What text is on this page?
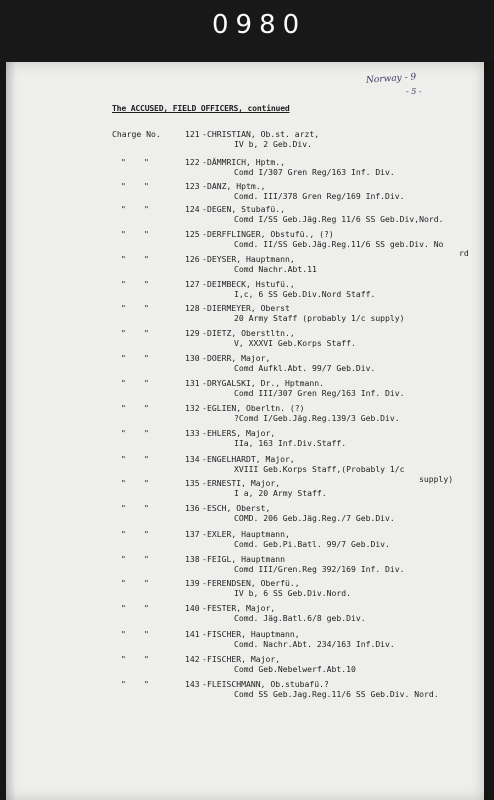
0980
Norway - 9
- 5 -
The ACCUSED, FIELD OFFICERS, continued
Charge No.	121 - CHRISTIAN, Ob.st. arzt,
IV b, 2 Geb.Div.
" "	122 - DÄMMRICH, Hptm.,
Comd I/307 Gren Reg/163 Inf. Div.
" "	123 - DANZ, Hptm.,
Comd. III/378 Gren Reg/169 Inf.Div.
" "	124 - DEGEN, Stubafü.,
Comd I/SS Geb.Jäg.Reg 11/6 SS Geb.Div,Nord.
" "	125 - DERFFLINGER, Obstufü., (?)
Comd. II/SS Geb.Jäg.Reg.11/6 SS geb.Div. No
rd
" "	126 - DEYSER, Hauptmann,
Comd Nachr.Abt.11
" "	127 - DEIMBECK, Hstufü.,
I,c, 6 SS Geb.Div.Nord Staff.
" "	128 - DIERMEYER, Oberst
20 Army Staff (probably 1/c supply)
" "	129 - DIETZ, Oberstltn.,
V, XXXVI Geb.Korps Staff.
" "	130 - DOERR, Major,
Comd Aufkl.Abt. 99/7 Geb.Div.
" "	131 - DRYGALSKI, Dr., Hptmann.
Comd III/307 Gren Reg/163 Inf. Div.
" "	132 - EGLIEN, Oberltn. (?)
?Comd I/Geb.Jäg.Reg.139/3 Geb.Div.
" "	133 - EHLERS, Major,
IIa, 163 Inf.Div.Staff.
" "	134 - ENGELHARDT, Major,
XVIII Geb.Korps Staff,(Probably 1/c
supply)
" "	135 - ERNESTI, Major,
I a, 20 Army Staff.
" "	136 - ESCH, Oberst,
COMD. 206 Geb.Jäg.Reg./7 Geb.Div.
" "	137 - EXLER, Hauptmann,
Comd. Geb.Pi.Batl. 99/7 Geb.Div.
" "	138 - FEIGL, Hauptmann
Comd III/Gren.Reg 392/169 Inf. Div.
" "	139 - FERENDSEN, Oberfü.,
IV b, 6 SS Geb.Div.Nord.
" "	140 - FESTER, Major,
Comd. Jäg.Batl.6/8 geb.Div.
" "	141 - FISCHER, Hauptmann,
Comd. Nachr.Abt. 234/163 Inf.Div.
" "	142 - FISCHER, Major,
Comd Geb.Nebelwerf.Abt.10
" "	143 - FLEISCHMANN, Ob.stubafü.?
Comd SS Geb.Jag.Reg.11/6 SS Geb.Div. Nord.
